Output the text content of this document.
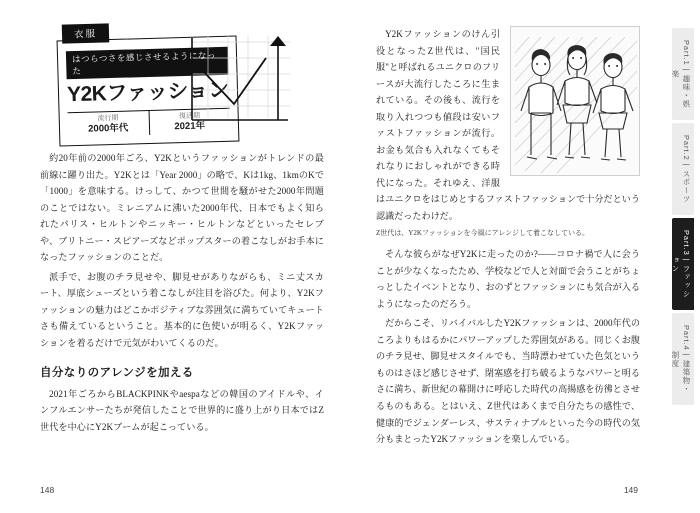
衣服
はつらつさを感じさせるようになった
Y2Kファッション
流行期
2000年代
復活期
2021年

約20年前の2000年ごろ、Y2Kというファッションがトレンドの最前線に躍り出た。Y2Kとは「Year 2000」の略で、Kは1kg、1kmのKで「1000」を意味する。けっして、かつて世間を騒がせた2000年問題のことではない。ミレニアムに沸いた2000年代、日本でもよく知られたパリス・ヒルトンやニッキー・ヒルトンなどといったセレブや、ブリトニー・スピアーズなどポップスターの着こなしがお手本になったファッションのことだ。

派手で、お腹のチラ見せや、脚見せがありながらも、ミニ丈スカート、厚底シューズという着こなしが注目を浴びた。何より、Y2Kファッションの魅力はどこかポジティブな雰囲気に満ちていてキュートさも備えているということ。基本的に色使いが明るく、Y2Kファッションを着るだけで元気がわいてくるのだ。

自分なりのアレンジを加える

2021年ごろからBLACKPINKやaespaなどの韓国のアイドルや、インフルエンサーたちが発信したことで世界的に盛り上がり日本ではZ世代を中心にY2Kブームが起こっている。

148

Y2Kファッションのけん引役となったZ世代は、"国民服"と呼ばれるユニクロのフリースが大流行したころに生まれている。その後も、流行を取り入れつつも値段は安いファストファッションが流行。お金も気合も入れなくてもそれなりにおしゃれができる時代になった。それゆえ、洋服はユニクロをはじめとするファストファッションで十分だという認識だったわけだ。

Z世代は、Y2Kファッションを今風にアレンジして着こなしている。

そんな彼らがなぜY2Kに走ったのか?——コロナ禍で人に会うことが少なくなったため、学校などで人と対面で会うことがちょっとしたイベントとなり、おのずとファッションにも気合が入るようになったのだろう。

だからこそ、リバイバルしたY2Kファッションは、2000年代のころよりもはるかにパワーアップした雰囲気がある。同じくお腹のチラ見せ、脚見せスタイルでも、当時漂わせていた色気というものはさほど感じさせず、閉塞感を打ち破るようなパワーと明るさに満ち、新世紀の幕開けに呼応した時代の高揚感を彷彿とさせるものもある。とはいえ、Z世代はあくまで自分たちの感性で、健康的でジェンダーレス、サスティナブルといった今の時代の気分もまとったY2Kファッションを楽しんでいる。

149
Part.1 | 趣味・娯楽
Part.2 | スポーツ
Part.3 | ファッション
Part.4 | 建築物・制度
